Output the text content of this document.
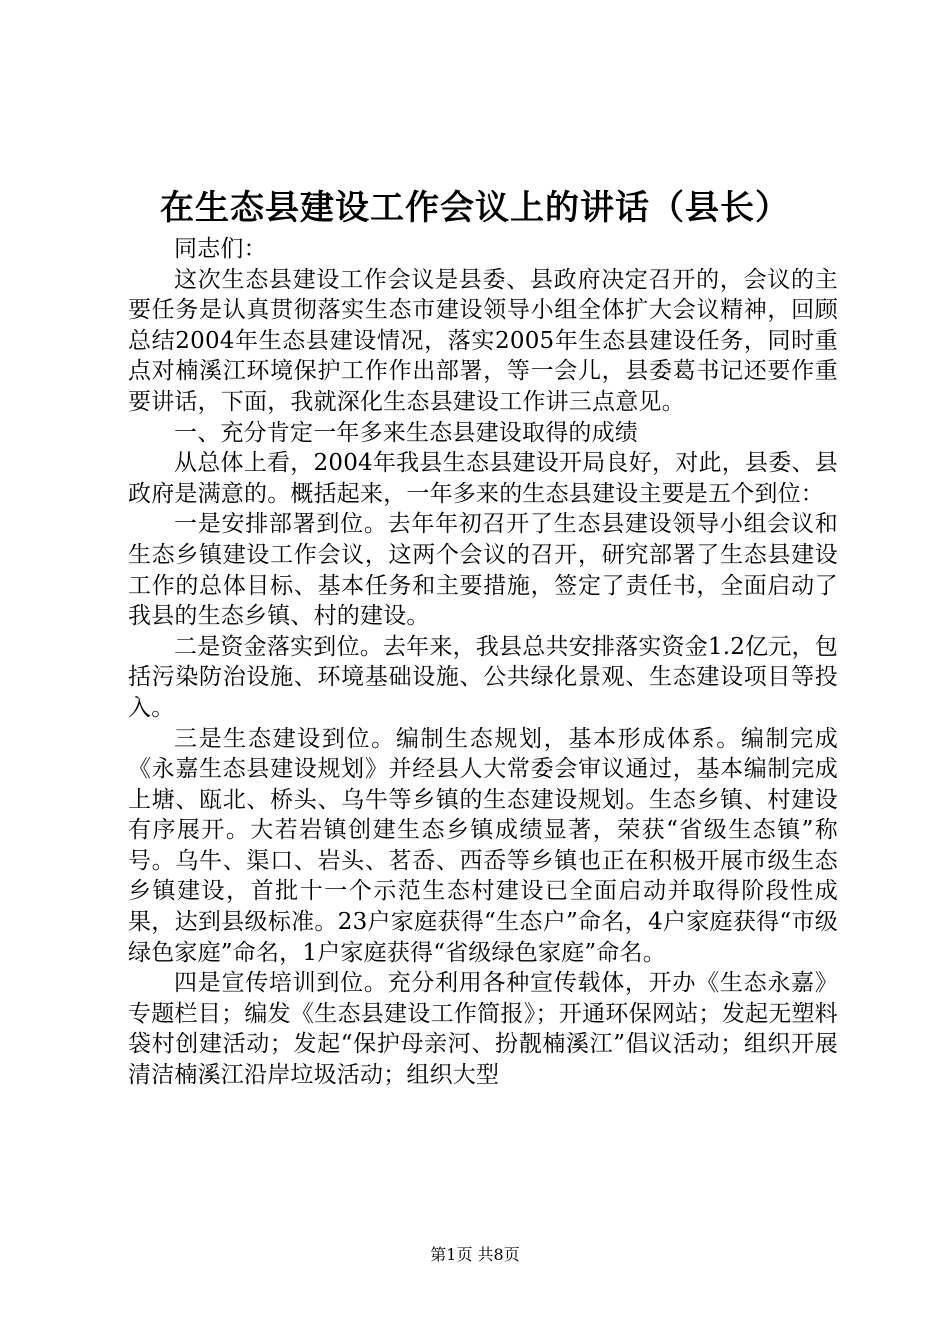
在生态县建设工作会议上的讲话（县长）

同志们：

这次生态县建设工作会议是县委、县政府决定召开的，会议的主要任务是认真贯彻落实生态市建设领导小组全体扩大会议精神，回顾总结2004年生态县建设情况，落实2005年生态县建设任务，同时重点对楠溪江环境保护工作作出部署，等一会儿，县委葛书记还要作重要讲话，下面，我就深化生态县建设工作讲三点意见。

一、充分肯定一年多来生态县建设取得的成绩

从总体上看，2004年我县生态县建设开局良好，对此，县委、县政府是满意的。概括起来，一年多来的生态县建设主要是五个到位：

一是安排部署到位。去年年初召开了生态县建设领导小组会议和生态乡镇建设工作会议，这两个会议的召开，研究部署了生态县建设工作的总体目标、基本任务和主要措施，签定了责任书，全面启动了我县的生态乡镇、村的建设。

二是资金落实到位。去年来，我县总共安排落实资金1.2亿元，包括污染防治设施、环境基础设施、公共绿化景观、生态建设项目等投入。

三是生态建设到位。编制生态规划，基本形成体系。编制完成《永嘉生态县建设规划》并经县人大常委会审议通过，基本编制完成上塘、瓯北、桥头、乌牛等乡镇的生态建设规划。生态乡镇、村建设有序展开。大若岩镇创建生态乡镇成绩显著，荣获“省级生态镇”称号。乌牛、渠口、岩头、茗岙、西岙等乡镇也正在积极开展市级生态乡镇建设，首批十一个示范生态村建设已全面启动并取得阶段性成果，达到县级标准。23户家庭获得“生态户”命名，4户家庭获得“市级绿色家庭”命名，1户家庭获得“省级绿色家庭”命名。

四是宣传培训到位。充分利用各种宣传载体，开办《生态永嘉》专题栏目；编发《生态县建设工作简报》；开通环保网站；发起无塑料袋村创建活动；发起“保护母亲河、扮靓楠溪江”倡议活动；组织开展清洁楠溪江沿岸垃圾活动；组织大型

第1页 共8页
